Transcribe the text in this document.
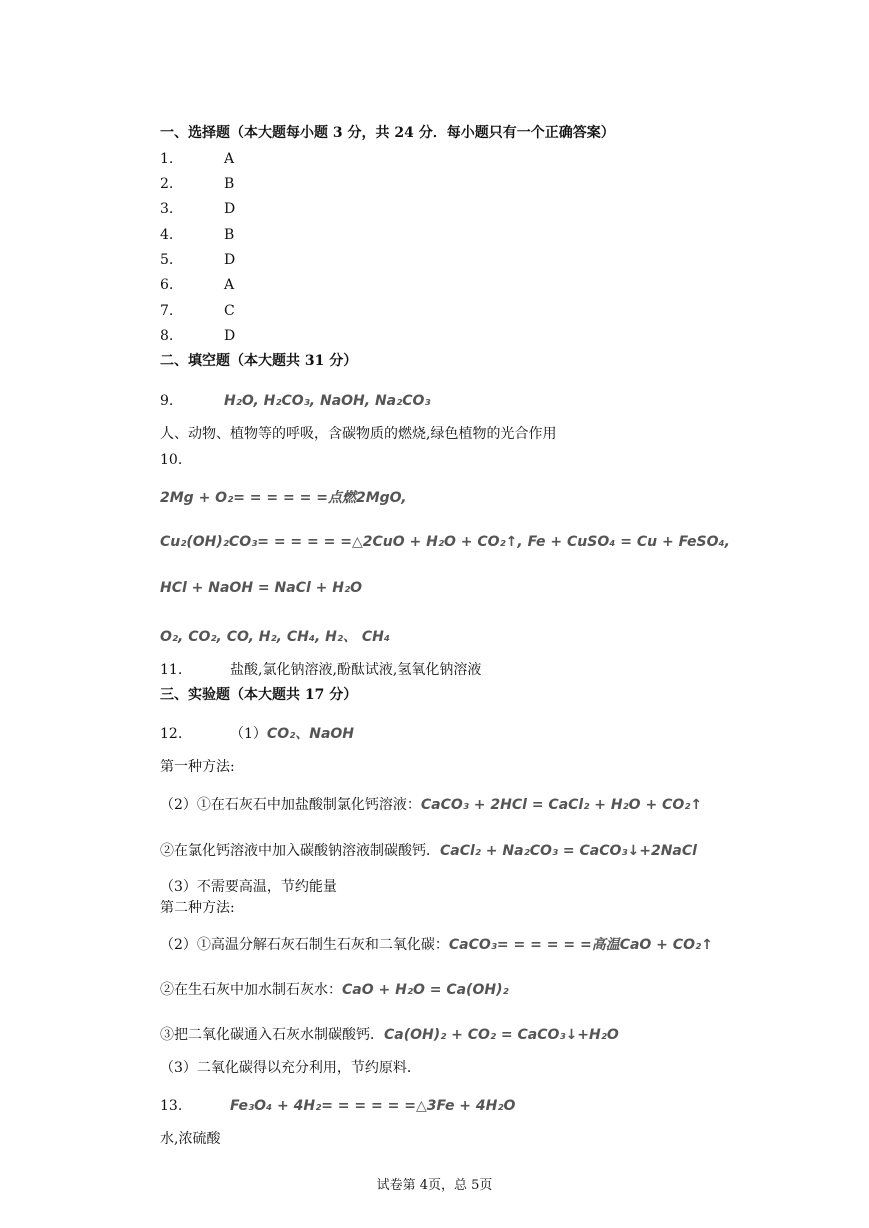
一、选择题（本大题每小题 3 分，共 24 分．每小题只有一个正确答案）
1.	A
2.	B
3.	D
4.	B
5.	D
6.	A
7.	C
8.	D
二、填空题（本大题共 31 分）
9.	H₂O, H₂CO₃, NaOH, Na₂CO₃
人、动物、植物等的呼吸，含碳物质的燃烧,绿色植物的光合作用
10.
2Mg + O₂= = = = = =点燃2MgO,
Cu₂(OH)₂CO₃= = = = = =△2CuO + H₂O + CO₂↑, Fe + CuSO₄ = Cu + FeSO₄,
HCl + NaOH = NaCl + H₂O
O₂, CO₂, CO, H₂, CH₄, H₂、 CH₄
11.	盐酸,氯化钠溶液,酚酞试液,氢氧化钠溶液
三、实验题（本大题共 17 分）
12.	（1）CO₂、NaOH
第一种方法:
（2）①在石灰石中加盐酸制氯化钙溶液：CaCO₃ + 2HCl = CaCl₂ + H₂O + CO₂↑
②在氯化钙溶液中加入碳酸钠溶液制碳酸钙．CaCl₂ + Na₂CO₃ = CaCO₃↓+2NaCl
（3）不需要高温，节约能量
第二种方法:
（2）①高温分解石灰石制生石灰和二氧化碳：CaCO₃= = = = = =高温CaO + CO₂↑
②在生石灰中加水制石灰水：CaO + H₂O = Ca(OH)₂
③把二氧化碳通入石灰水制碳酸钙．Ca(OH)₂ + CO₂ = CaCO₃↓+H₂O
（3）二氧化碳得以充分利用，节约原料．
13.	Fe₃O₄ + 4H₂= = = = = =△3Fe + 4H₂O
水,浓硫酸
试卷第 4页，总 5页
